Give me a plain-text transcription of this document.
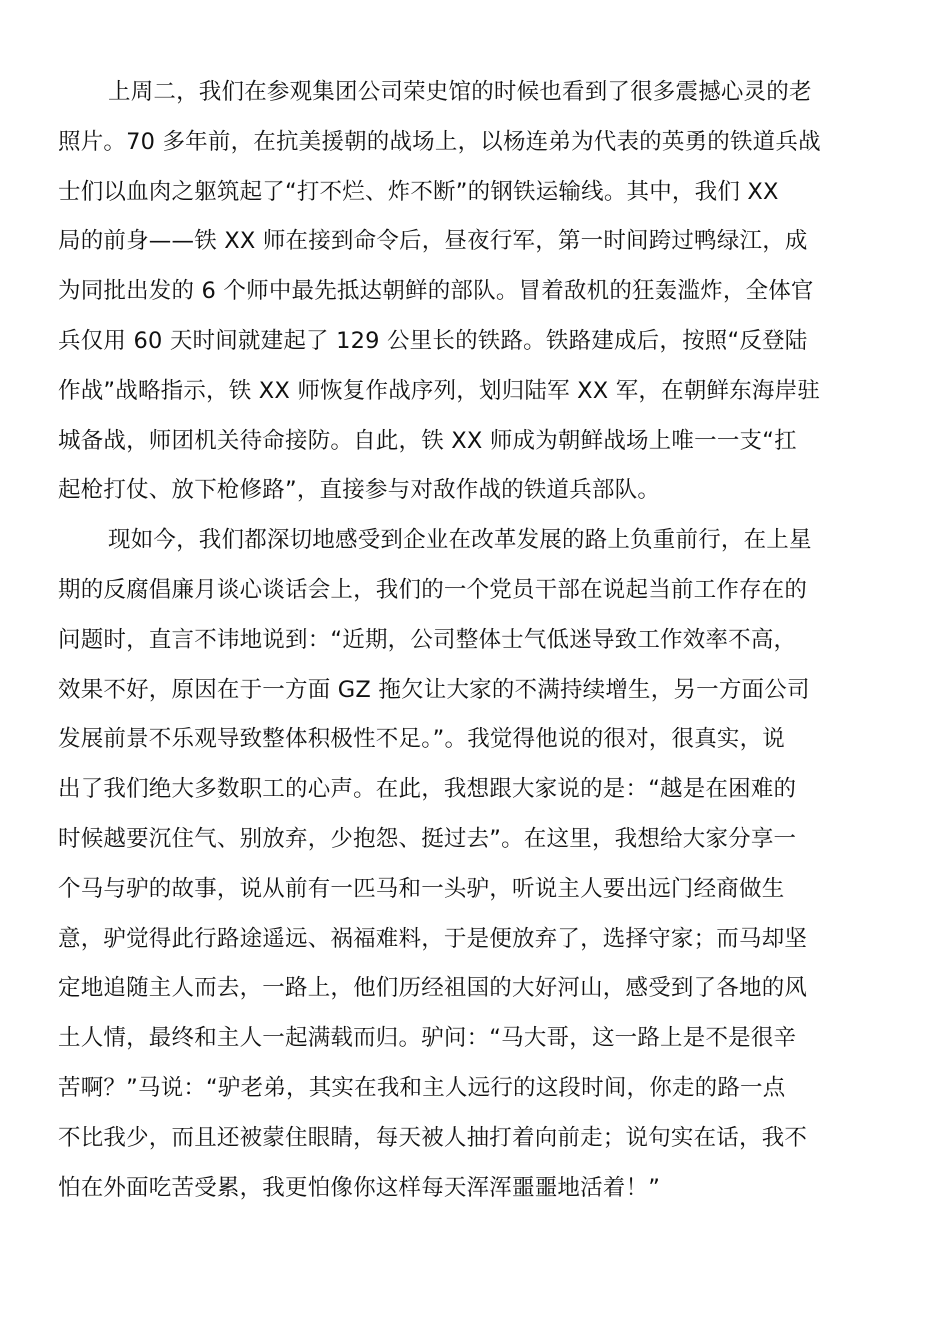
上周二，我们在参观集团公司荣史馆的时候也看到了很多震撼心灵的老
照片。70 多年前，在抗美援朝的战场上，以杨连弟为代表的英勇的铁道兵战
士们以血肉之躯筑起了“打不烂、炸不断”的钢铁运输线。其中，我们 XX
局的前身——铁 XX 师在接到命令后，昼夜行军，第一时间跨过鸭绿江，成
为同批出发的 6 个师中最先抵达朝鲜的部队。冒着敌机的狂轰滥炸，全体官
兵仅用 60 天时间就建起了 129 公里长的铁路。铁路建成后，按照“反登陆
作战”战略指示，铁 XX 师恢复作战序列，划归陆军 XX 军，在朝鲜东海岸驻
城备战，师团机关待命接防。自此，铁 XX 师成为朝鲜战场上唯一一支“扛
起枪打仗、放下枪修路”，直接参与对敌作战的铁道兵部队。
现如今，我们都深切地感受到企业在改革发展的路上负重前行，在上星
期的反腐倡廉月谈心谈话会上，我们的一个党员干部在说起当前工作存在的
问题时，直言不讳地说到：“近期，公司整体士气低迷导致工作效率不高，
效果不好，原因在于一方面 GZ 拖欠让大家的不满持续增生，另一方面公司
发展前景不乐观导致整体积极性不足。”。我觉得他说的很对，很真实，说
出了我们绝大多数职工的心声。在此，我想跟大家说的是：“越是在困难的
时候越要沉住气、别放弃，少抱怨、挺过去”。在这里，我想给大家分享一
个马与驴的故事，说从前有一匹马和一头驴，听说主人要出远门经商做生
意，驴觉得此行路途遥远、祸福难料，于是便放弃了，选择守家；而马却坚
定地追随主人而去，一路上，他们历经祖国的大好河山，感受到了各地的风
土人情，最终和主人一起满载而归。驴问：“马大哥，这一路上是不是很辛
苦啊？”马说：“驴老弟，其实在我和主人远行的这段时间，你走的路一点
不比我少，而且还被蒙住眼睛，每天被人抽打着向前走；说句实在话，我不
怕在外面吃苦受累，我更怕像你这样每天浑浑噩噩地活着！”
